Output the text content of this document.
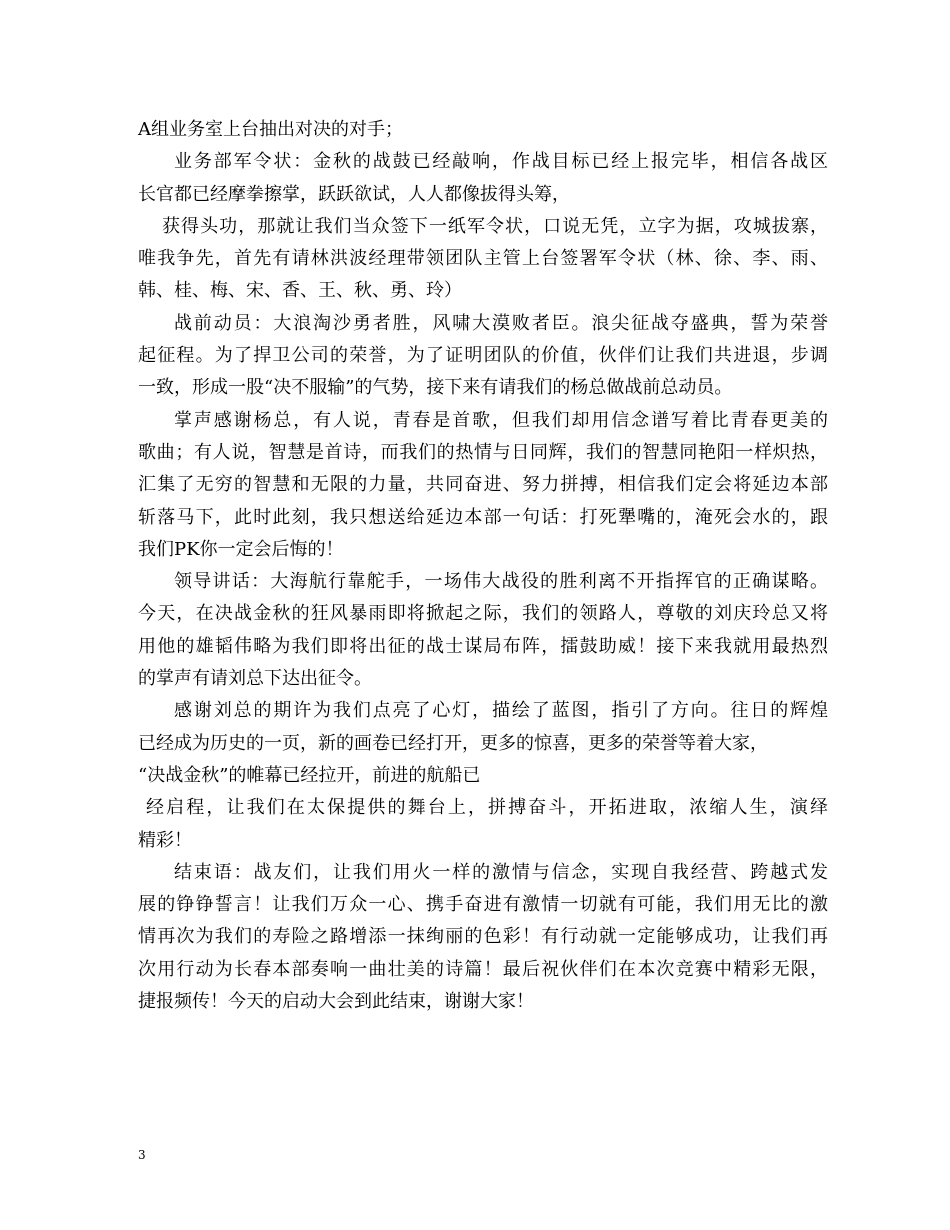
A组业务室上台抽出对决的对手；
业务部军令状：金秋的战鼓已经敲响，作战目标已经上报完毕，相信各战区
长官都已经摩拳擦掌，跃跃欲试，人人都像拔得头筹，
获得头功，那就让我们当众签下一纸军令状，口说无凭，立字为据，攻城拔寨，
唯我争先，首先有请林洪波经理带领团队主管上台签署军令状（林、徐、李、雨、
韩、桂、梅、宋、香、王、秋、勇、玲）
战前动员：大浪淘沙勇者胜，风啸大漠败者臣。浪尖征战夺盛典，誓为荣誉
起征程。为了捍卫公司的荣誉，为了证明团队的价值，伙伴们让我们共进退，步调
一致，形成一股“决不服输”的气势，接下来有请我们的杨总做战前总动员。
掌声感谢杨总，有人说，青春是首歌，但我们却用信念谱写着比青春更美的
歌曲；有人说，智慧是首诗，而我们的热情与日同辉，我们的智慧同艳阳一样炽热，
汇集了无穷的智慧和无限的力量，共同奋进、努力拼搏，相信我们定会将延边本部
斩落马下，此时此刻，我只想送给延边本部一句话：打死犟嘴的，淹死会水的，跟
我们PK你一定会后悔的！
领导讲话：大海航行靠舵手，一场伟大战役的胜利离不开指挥官的正确谋略。
今天，在决战金秋的狂风暴雨即将掀起之际，我们的领路人，尊敬的刘庆玲总又将
用他的雄韬伟略为我们即将出征的战士谋局布阵，擂鼓助威！接下来我就用最热烈
的掌声有请刘总下达出征令。
感谢刘总的期许为我们点亮了心灯，描绘了蓝图，指引了方向。往日的辉煌
已经成为历史的一页，新的画卷已经打开，更多的惊喜，更多的荣誉等着大家，
“决战金秋”的帷幕已经拉开，前进的航船已
经启程，让我们在太保提供的舞台上，拼搏奋斗，开拓进取，浓缩人生，演绎
精彩！
结束语：战友们，让我们用火一样的激情与信念，实现自我经营、跨越式发
展的铮铮誓言！让我们万众一心、携手奋进有激情一切就有可能，我们用无比的激
情再次为我们的寿险之路增添一抹绚丽的色彩！有行动就一定能够成功，让我们再
次用行动为长春本部奏响一曲壮美的诗篇！最后祝伙伴们在本次竞赛中精彩无限，
捷报频传！今天的启动大会到此结束，谢谢大家！
3
